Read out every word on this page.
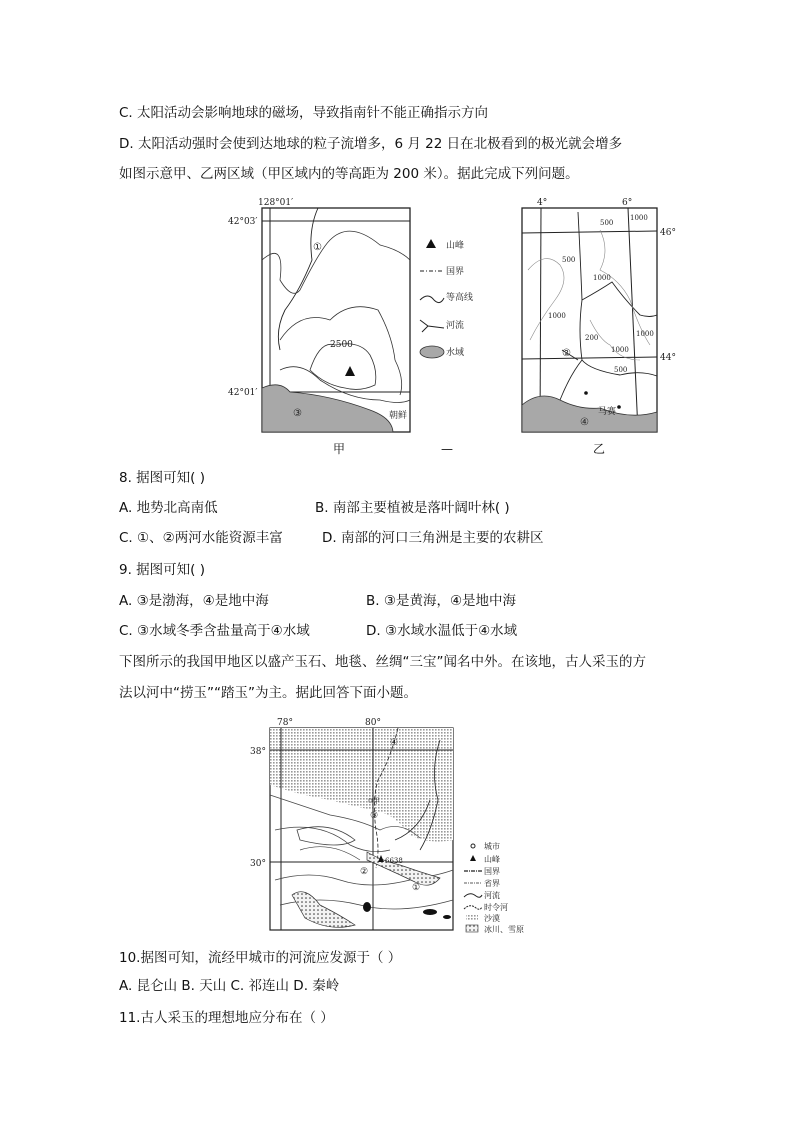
C. 太阳活动会影响地球的磁场，导致指南针不能正确指示方向
D. 太阳活动强时会使到达地球的粒子流增多，6 月 22 日在北极看到的极光就会增多
如图示意甲、乙两区域（甲区域内的等高距为 200 米）。据此完成下列问题。
128°01′
42°03′
42°01′
2500
①
③	朝鲜
山峰
国界
等高线
河流
水域
1000
500
500
1000
1000
200
1000
1000
500
4°	6°
46°
44°
②
④
马赛
甲	—	乙
8. 据图可知( )
A. 地势北高南低	B. 南部主要植被是落叶阔叶林( )
C. ①、②两河水能资源丰富	D. 南部的河口三角洲是主要的农耕区
9. 据图可知( )
A. ③是渤海，④是地中海	B. ③是黄海，④是地中海
C. ③水域冬季含盐量高于④水域	D. ③水域水温低于④水域
下图所示的我国甲地区以盛产玉石、地毯、丝绸“三宝”闻名中外。在该地，古人采玉的方
法以河中“捞玉”“踏玉”为主。据此回答下面小题。
78°	80°
38°
30°
甲
6638
①
②
③
④
城市
山峰
国界
省界
河流
时令河
沙漠
冰川、雪原
10.据图可知，流经甲城市的河流应发源于（ ）
A. 昆仑山 B. 天山 C. 祁连山 D. 秦岭
11.古人采玉的理想地应分布在（ ）
